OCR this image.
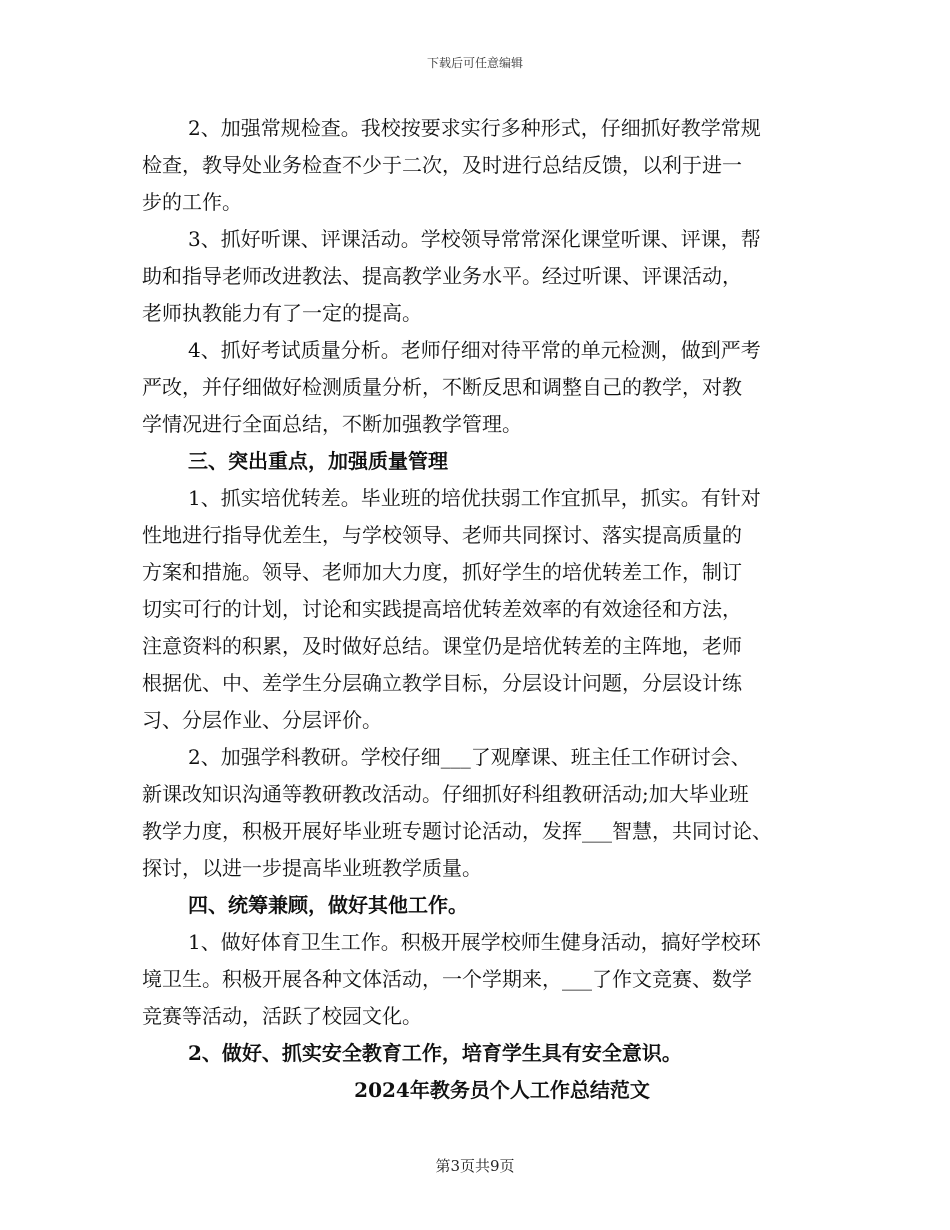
下载后可任意编辑
2、加强常规检查。我校按要求实行多种形式，仔细抓好教学常规
检查，教导处业务检查不少于二次，及时进行总结反馈，以利于进一
步的工作。
3、抓好听课、评课活动。学校领导常常深化课堂听课、评课，帮
助和指导老师改进教法、提高教学业务水平。经过听课、评课活动，
老师执教能力有了一定的提高。
4、抓好考试质量分析。老师仔细对待平常的单元检测，做到严考
严改，并仔细做好检测质量分析，不断反思和调整自己的教学，对教
学情况进行全面总结，不断加强教学管理。
三、突出重点，加强质量管理
1、抓实培优转差。毕业班的培优扶弱工作宜抓早，抓实。有针对
性地进行指导优差生，与学校领导、老师共同探讨、落实提高质量的
方案和措施。领导、老师加大力度，抓好学生的培优转差工作，制订
切实可行的计划，讨论和实践提高培优转差效率的有效途径和方法，
注意资料的积累，及时做好总结。课堂仍是培优转差的主阵地，老师
根据优、中、差学生分层确立教学目标，分层设计问题，分层设计练
习、分层作业、分层评价。
2、加强学科教研。学校仔细___了观摩课、班主任工作研讨会、
新课改知识沟通等教研教改活动。仔细抓好科组教研活动;加大毕业班
教学力度，积极开展好毕业班专题讨论活动，发挥___智慧，共同讨论、
探讨，以进一步提高毕业班教学质量。
四、统筹兼顾，做好其他工作。
1、做好体育卫生工作。积极开展学校师生健身活动，搞好学校环
境卫生。积极开展各种文体活动，一个学期来，___了作文竞赛、数学
竞赛等活动，活跃了校园文化。
2、做好、抓实安全教育工作，培育学生具有安全意识。
2024年教务员个人工作总结范文
第3页共9页
